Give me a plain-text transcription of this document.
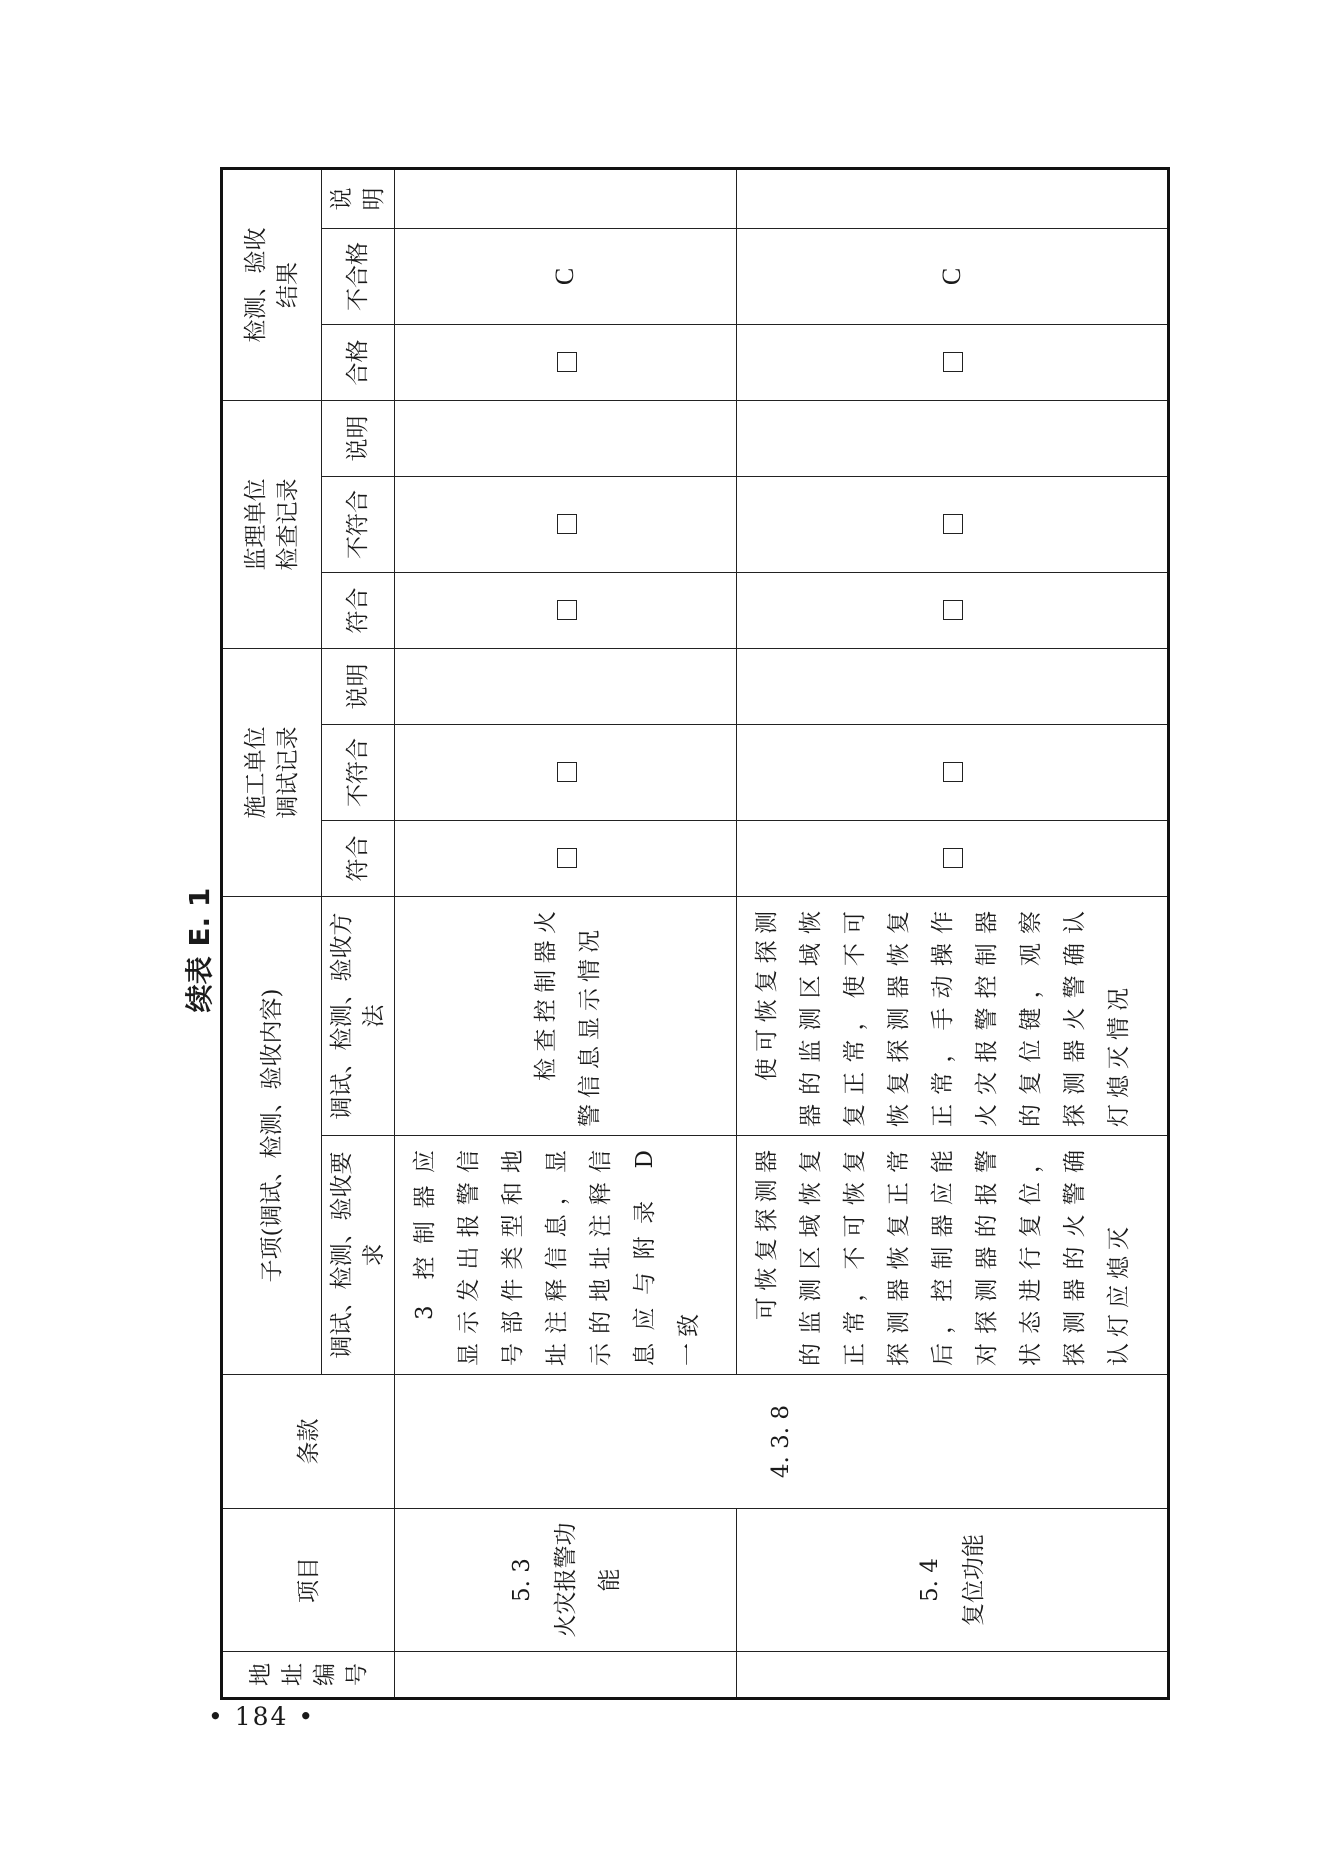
• 184 •
续表 E. 1
地址编号	项目	条款	子项(调试、检测、验收内容)		施工单位 调试记录			监理单位 检查记录			检测、验收 结果		
			调试、检测、验收要求	调试、检测、验收方法	符合	不符合	说明	符合	不符合	说明	合格	不合格	说明
	5. 3 火灾报警功能	4. 3. 8	3 控制器应显示发出报警信号部件类型和地址注释信息，显示的地址注释信息应与附录 D 一致	检查控制器火警信息显示情况								C	
	5. 4 复位功能		可恢复探测器的监测区域恢复正常，不可恢复探测器恢复正常后，控制器应能对探测器的报警状态进行复位，探测器的火警确认灯应熄灭	使可恢复探测器的监测区域恢复正常，使不可恢复探测器恢复正常，手动操作火灾报警控制器的复位键，观察探测器火警确认灯熄灭情况								C	
